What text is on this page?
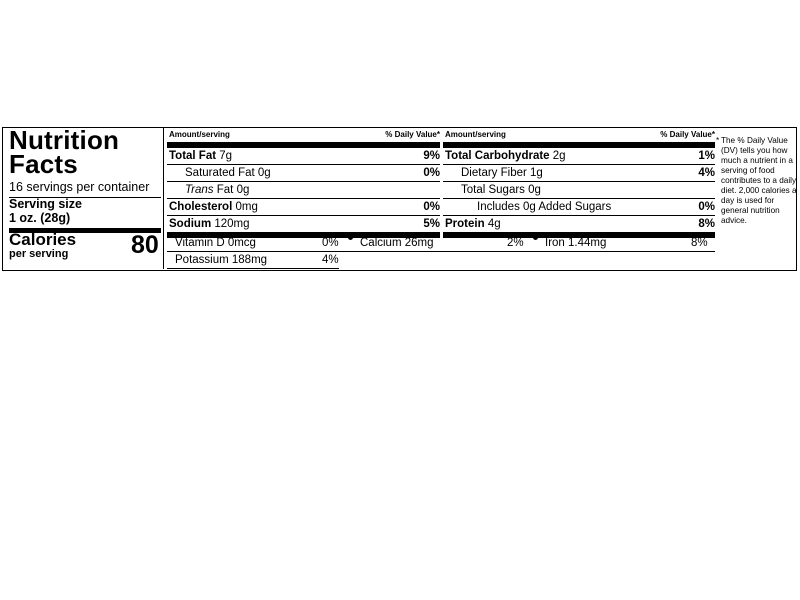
Nutrition
Facts
16 servings per container
Serving size
1 oz. (28g)
Calories
per serving	80
Amount/serving	% Daily Value*
Total Fat 7g	9%
Saturated Fat 0g	0%
Trans Fat 0g
Cholesterol 0mg	0%
Sodium 120mg	5%
Amount/serving	% Daily Value*
Total Carbohydrate 2g	1%
Dietary Fiber 1g	4%
Total Sugars 0g
Includes 0g Added Sugars	0%
Protein 4g	8%
Vitamin D 0mcg	0% Calcium 26mg	2% Iron 1.44mg	8%
Potassium 188mg	4%
* The % Daily Value (DV) tells you how much a nutrient in a serving of food contributes to a daily diet. 2,000 calories a day is used for general nutrition advice.
